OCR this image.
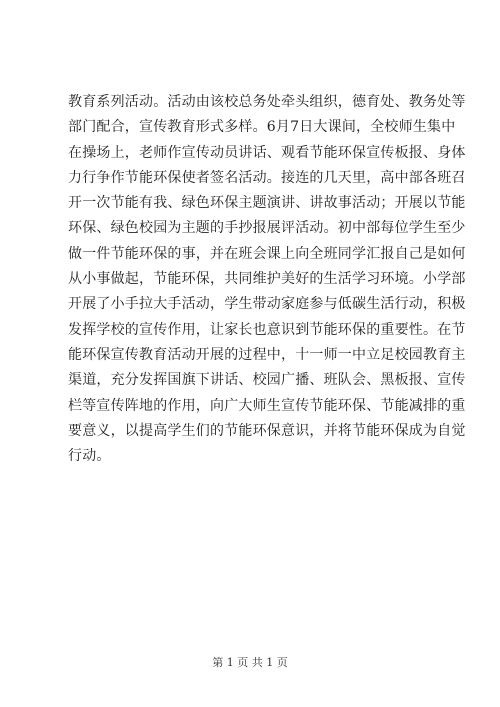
教育系列活动。活动由该校总务处牵头组织，德育处、教务处等
部门配合，宣传教育形式多样。6月7日大课间，全校师生集中
在操场上，老师作宣传动员讲话、观看节能环保宣传板报、身体
力行争作节能环保使者签名活动。接连的几天里，高中部各班召
开一次节能有我、绿色环保主题演讲、讲故事活动；开展以节能
环保、绿色校园为主题的手抄报展评活动。初中部每位学生至少
做一件节能环保的事，并在班会课上向全班同学汇报自己是如何
从小事做起，节能环保，共同维护美好的生活学习环境。小学部
开展了小手拉大手活动，学生带动家庭参与低碳生活行动，积极
发挥学校的宣传作用，让家长也意识到节能环保的重要性。在节
能环保宣传教育活动开展的过程中，十一师一中立足校园教育主
渠道，充分发挥国旗下讲话、校园广播、班队会、黑板报、宣传
栏等宣传阵地的作用，向广大师生宣传节能环保、节能减排的重
要意义，以提高学生们的节能环保意识，并将节能环保成为自觉
行动。
第 1 页 共 1 页
